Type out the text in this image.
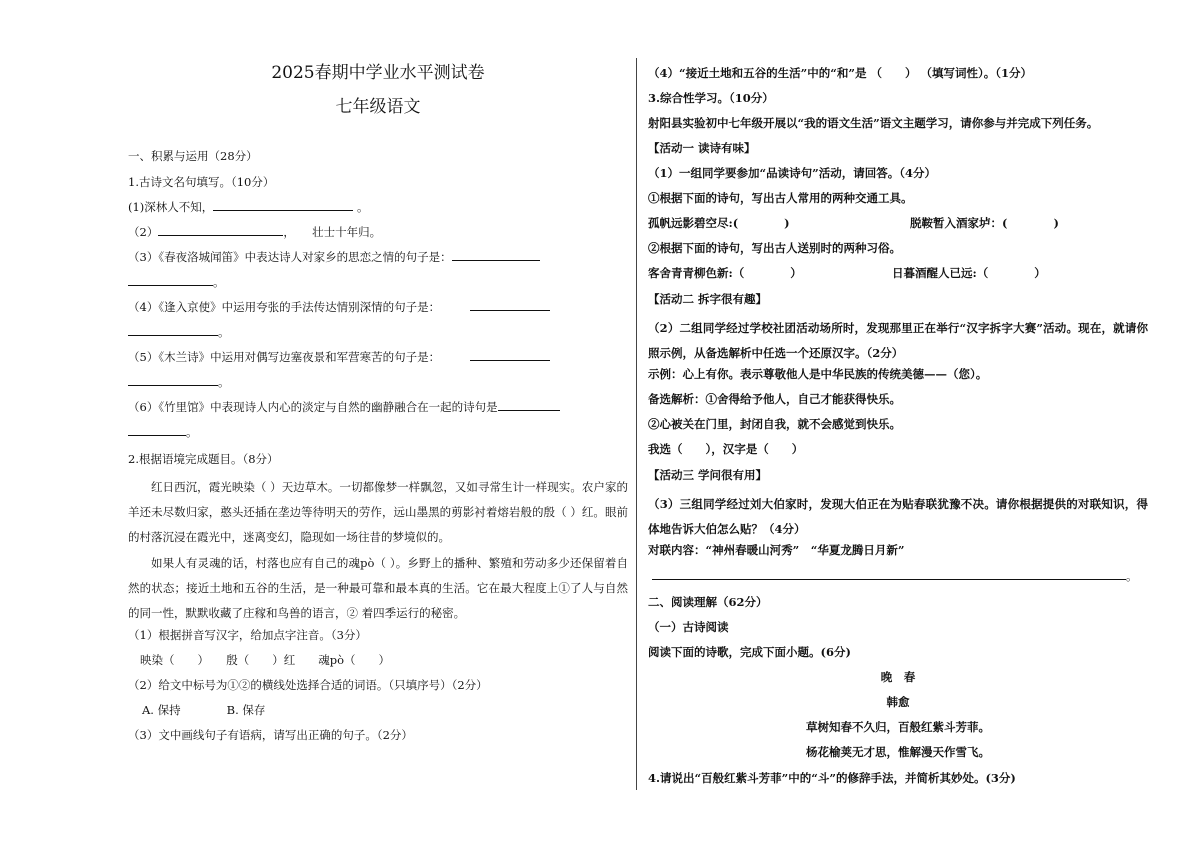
2025春期中学业水平测试卷
七年级语文
一、积累与运用（28分）
1.古诗文名句填写。（10分）
(1)深林人不知，	。
（2）	，　　壮士十年归。
（3）《春夜洛城闻笛》中表达诗人对家乡的思恋之情的句子是：
。
（4）《逢入京使》中运用夸张的手法传达情别深情的句子是：
。
（5）《木兰诗》中运用对偶写边塞夜景和军营寒苦的句子是：
。
（6）《竹里馆》中表现诗人内心的淡定与自然的幽静融合在一起的诗句是
。
2.根据语境完成题目。（8分）
红日西沉，霞光映染（ ）天边草木。一切都像梦一样飘忽，又如寻常生计一样现实。农户家的羊还未尽数归家，憨头还插在垄边等待明天的劳作，远山墨黑的剪影衬着熔岩般的殷（ ）红。眼前的村落沉浸在霞光中，迷离变幻，隐现如一场往昔的梦境似的。
如果人有灵魂的话，村落也应有自己的魂pò（ ）。乡野上的播种、繁殖和劳动多少还保留着自然的状态；接近土地和五谷的生活，是一种最可靠和最本真的生活。它在最大程度上①了人与自然的同一性，默默收藏了庄稼和鸟兽的语言，② 着四季运行的秘密。
（1）根据拼音写汉字，给加点字注音。（3分）
映染（　　）　　殷（　　）红　　魂pò（　　）
（2）给文中标号为①②的横线处选择合适的词语。（只填序号）（2分）
A. 保持　　　　B. 保存
（3）文中画线句子有语病，请写出正确的句子。（2分）
（4）“接近土地和五谷的生活”中的“和”是 （　　） （填写词性）。（1分）
3.综合性学习。（10分）
射阳县实验初中七年级开展以“我的语文生活”语文主题学习，请你参与并完成下列任务。
【活动一 读诗有味】
（1）一组同学要参加“品读诗句”活动，请回答。（4分）
①根据下面的诗句，写出古人常用的两种交通工具。
孤帆远影碧空尽:(　　　　)	脱鞍暂入酒家垆：(　　　　)
②根据下面的诗句，写出古人送别时的两种习俗。
客舍青青柳色新:（　　　　）	日暮酒醒人已远:（　　　　）
【活动二 拆字很有趣】
（2）二组同学经过学校社团活动场所时，发现那里正在举行“汉字拆字大赛”活动。现在，就请你照示例，从备选解析中任选一个还原汉字。（2分）
示例：心上有你。表示尊敬他人是中华民族的传统美德——（您）。
备选解析：①舍得给予他人，自己才能获得快乐。
②心被关在门里，封闭自我，就不会感觉到快乐。
我选（　　），汉字是（　　）
【活动三 学问很有用】
（3）三组同学经过刘大伯家时，发现大伯正在为贴春联犹豫不决。请你根据提供的对联知识，得体地告诉大伯怎么贴？（4分）
对联内容：“神州春暖山河秀”　“华夏龙腾日月新”
。
二、阅读理解（62分）
（一）古诗阅读
阅读下面的诗歌，完成下面小题。(6分)
晚　春
韩愈
草树知春不久归，百般红紫斗芳菲。
杨花榆荚无才思，惟解漫天作雪飞。
4.请说出“百般红紫斗芳菲”中的“斗”的修辞手法，并简析其妙处。(3分)
